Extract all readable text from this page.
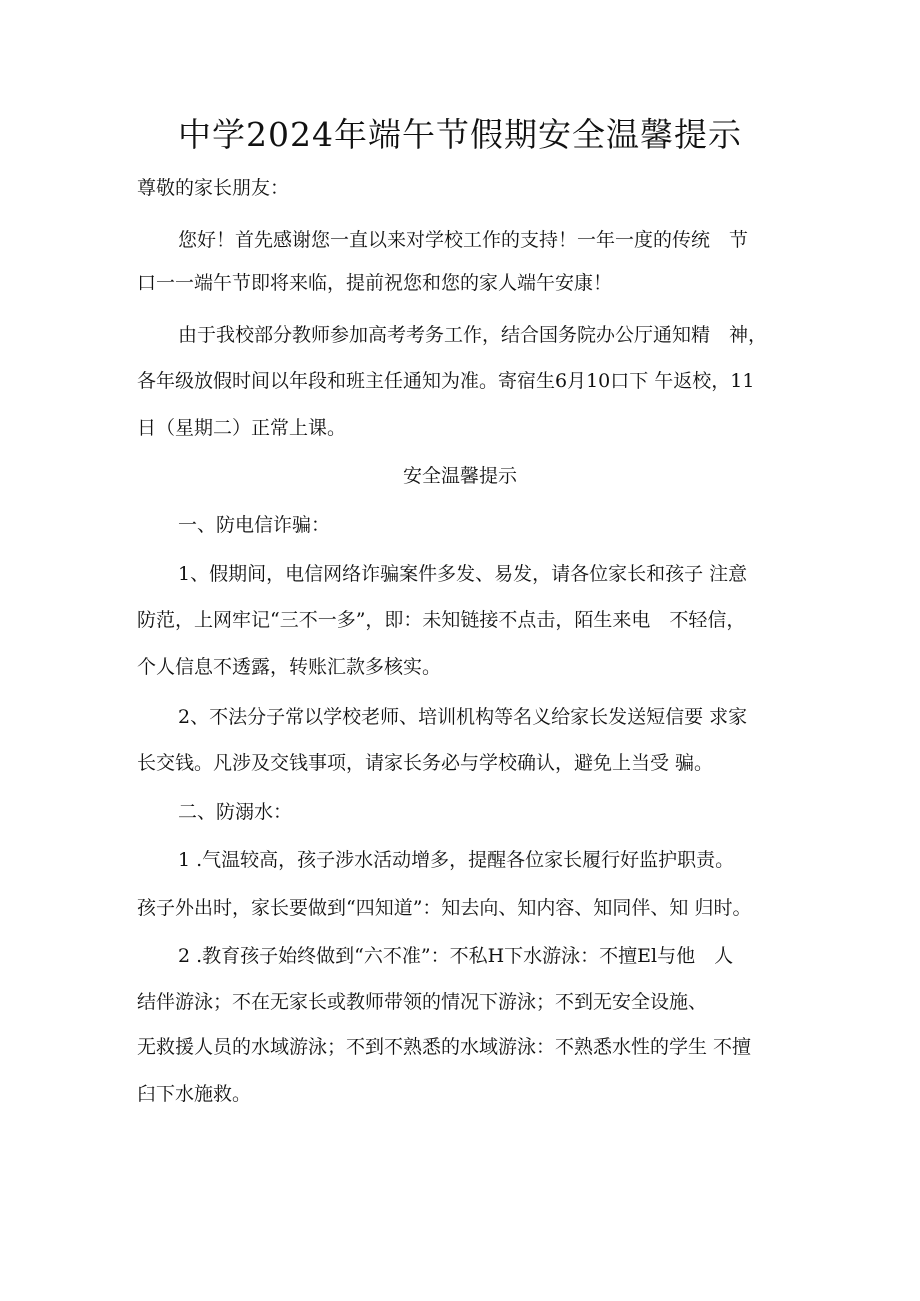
中学2024年端午节假期安全温馨提示

尊敬的家长朋友：

您好！首先感谢您一直以来对学校工作的支持！一年一度的传统　节

口一一端午节即将来临，提前祝您和您的家人端午安康！

由于我校部分教师参加高考考务工作，结合国务院办公厅通知精　神，

各年级放假时间以年段和班主任通知为准。寄宿生6月10口下 午返校，11

日（星期二）正常上课。

安全温馨提示

一、防电信诈骗：

1、假期间，电信网络诈骗案件多发、易发，请各位家长和孩子 注意

防范，上网牢记“三不一多”，即：未知链接不点击，陌生来电　不轻信，

个人信息不透露，转账汇款多核实。

2、不法分子常以学校老师、培训机构等名义给家长发送短信要 求家

长交钱。凡涉及交钱事项，请家长务必与学校确认，避免上当受 骗。

二、防溺水：

1 .气温较高，孩子涉水活动增多，提醒各位家长履行好监护职责。

孩子外出时，家长要做到“四知道”：知去向、知内容、知同伴、知 归时。

2 .教育孩子始终做到“六不准”：不私H下水游泳：不擅El与他　人

结伴游泳；不在无家长或教师带领的情况下游泳；不到无安全设施、

无救援人员的水域游泳；不到不熟悉的水域游泳：不熟悉水性的学生 不擅

臼下水施救。
